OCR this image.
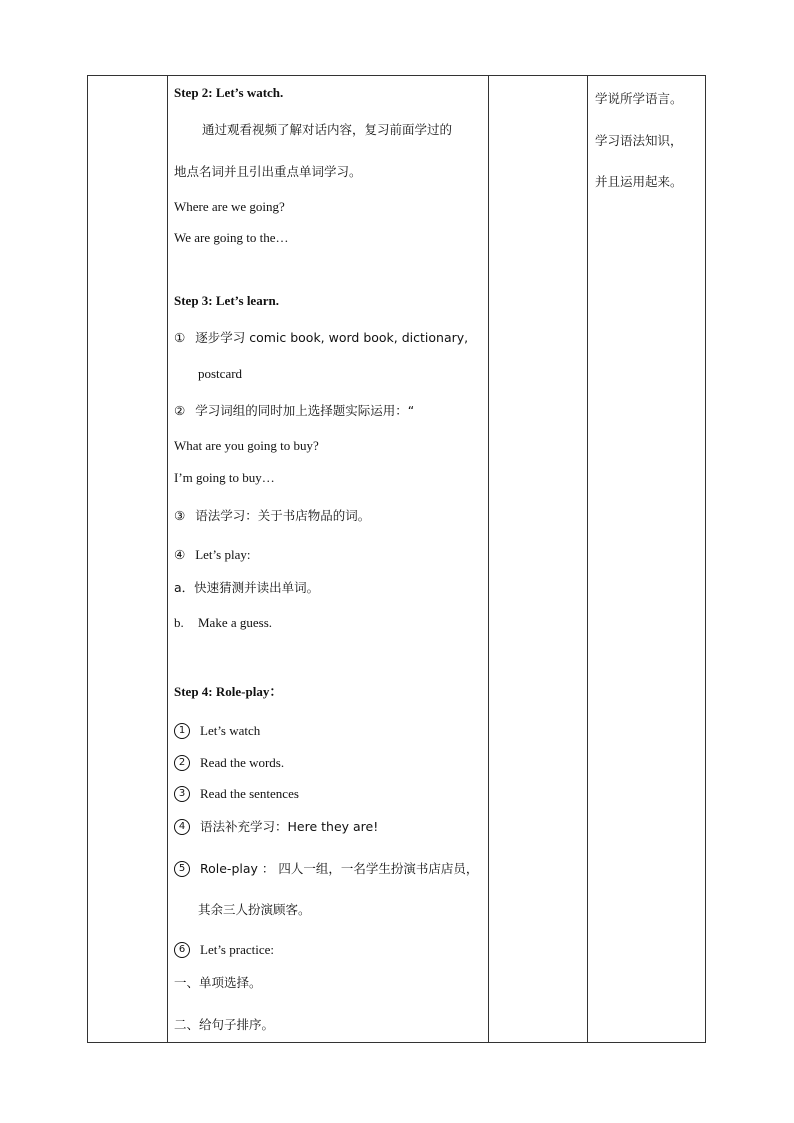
Step 2: Let’s watch.
通过观看视频了解对话内容，复习前面学过的
地点名词并且引出重点单词学习。
Where are we going?
We are going to the…
Step 3: Let’s learn.
① 逐步学习 comic book, word book, dictionary,
postcard
② 学习词组的同时加上选择题实际运用：“
What are you going to buy?
I’m going to buy…
③ 语法学习：关于书店物品的词。
④ Let’s play:
a．快速猜测并读出单词。
b. Make a guess.
Step 4: Role-play：
1 Let’s watch
2 Read the words.
3 Read the sentences
4 语法补充学习：Here they are!
5 Role-play ： 四人一组，一名学生扮演书店店员，
其余三人扮演顾客。
6 Let’s practice:
一、单项选择。
二、给句子排序。
学说所学语言。
学习语法知识，
并且运用起来。
